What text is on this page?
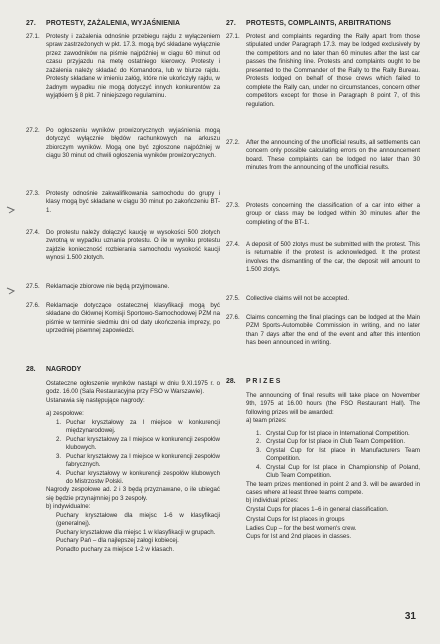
27. PROTESTY, ZAŻALENIA, WYJAŚNIENIA
27.1. Protesty i zażalenia odnośnie przebiegu rajdu z wyłączeniem spraw zastrzeżonych w pkt. 17.3. mogą być składane wyłącznie przez zawodników na piśmie najpóźniej w ciągu 60 minut od czasu przyjazdu na metę ostatniego kierowcy. Protesty i zażalenia należy składać do Komandora, lub w biurze rajdu. Protesty składane w imieniu załóg, które nie ukończyły rajdu, w żadnym wypadku nie mogą dotyczyć innych konkurentów za wyjątkiem § 8 pkt. 7 niniejszego regulaminu.

27.2. Po ogłoszeniu wyników prowizorycznych wyjaśnienia mogą dotyczyć wyłącznie błędów rachunkowych na arkuszu zbiorczym wyników. Mogą one być zgłoszone najpóźniej w ciągu 30 minut od chwili ogłoszenia wyników prowizorycznych.

27.3. Protesty odnośnie zakwalifikowania samochodu do grupy i klasy mogą być składane w ciągu 30 minut po zakończeniu BT-1.

27.4. Do protestu należy dołączyć kaucję w wysokości 500 złotych zwrotną w wypadku uznania protestu. O ile w wyniku protestu zajdzie konieczność rozbierania samochodu wysokość kaucji wynosi 1.500 złotych.

27.5. Reklamacje zbiorowe nie będą przyjmowane.

27.6. Reklamacje dotyczące ostatecznej klasyfikacji mogą być składane do Głównej Komisji Sportowo-Samochodowej PZM na piśmie w terminie siedmiu dni od daty ukończenia imprezy, po uprzedniej pisemnej zapowiedzi.

28. NAGRODY

Ostateczne ogłoszenie wyników nastąpi w dniu 9.XI.1975 r. o godz. 16.00 (Sala Restauracyjna przy FSO w Warszawie).

Ustanawia się następujące nagrody:

a) zespołowe:

1. Puchar kryształowy za I miejsce w konkurencji międzynarodowej.
2. Puchar kryształowy za I miejsce w konkurencji zespołów klubowych.
3. Puchar kryształowy za I miejsce w konkurencji zespołów fabrycznych.
4. Puchar kryształowy w konkurencji zespołów klubowych do Mistrzostw Polski.

Nagrody zespołowe ad. 2 i 3 będą przyznawane, o ile ubiegać się będzie przynajmniej po 3 zespoły.

b) indywidualne:

Puchary kryształowe dla miejsc 1-6 w klasyfikacji (generalnej).

Puchary kryształowe dla miejsc 1 w klasyfikacji w grupach.

Puchary Pań – dla najlepszej załogi kobiecej.

Ponadto puchary za miejsce 1-2 w klasach.

27. PROTESTS, COMPLAINTS, ARBITRATIONS
27.1. Protest and complaints regarding the Rally apart from those stipulated under Paragraph 17.3. may be lodged exclusively by the competitors and no later than 60 minutes after the last car passes the finishing line. Protests and complaints ought to be presented to the Commander of the Rally to the Rally Bureau. Protests lodged on behalf of those crews which failed to complete the Rally can, under no circumstances, concern other competitors except for those in Paragraph 8 point 7, of this regulation.

27.2. After the announcing of the unofficial results, all settlements can concern only possible calculating errors on the announcement board. These complaints can be lodged no later than 30 minutes from the announcing of the unofficial results.

27.3. Protests concerning the classification of a car into either a group or class may be lodged within 30 minutes after the completing of the BT-1.

27.4. A deposit of 500 zlotys must be submitted with the protest. This is returnable if the protest is acknowledged. It the protest involves the dismantling of the car, the deposit will amount to 1.500 zlotys.

27.5. Collective claims will not be accepted.

27.6. Claims concerning the final placings can be lodged at the Main PZM Sports-Automobile Commission in writing, and no later than 7 days after the end of the event and after this intention has been announced in writing.

28. P R I Z E S

The announcing of final results will take place on November 9th, 1975 at 16.00 hours (the FSO Restaurant Hall). The following prizes will be awarded:

a) team prizes:

1. Crystal Cup for Ist place in International Competition.
2. Crystal Cup for Ist place in Club Team Competition.
3. Crystal Cup for Ist place in Manufacturers Team Competition.
4. Crystal Cup for Ist place in Championship of Poland, Club Team Competition.

The team prizes mentioned in point 2 and 3. will be awarded in cases where at least three teams compete.

b) individual prizes:

Crystal Cups for places 1–6 in general classification.

Crystal Cups for Ist places in groups

Ladies Cup – for the best women's crew.

Cups for Ist and 2nd places in classes.

31
